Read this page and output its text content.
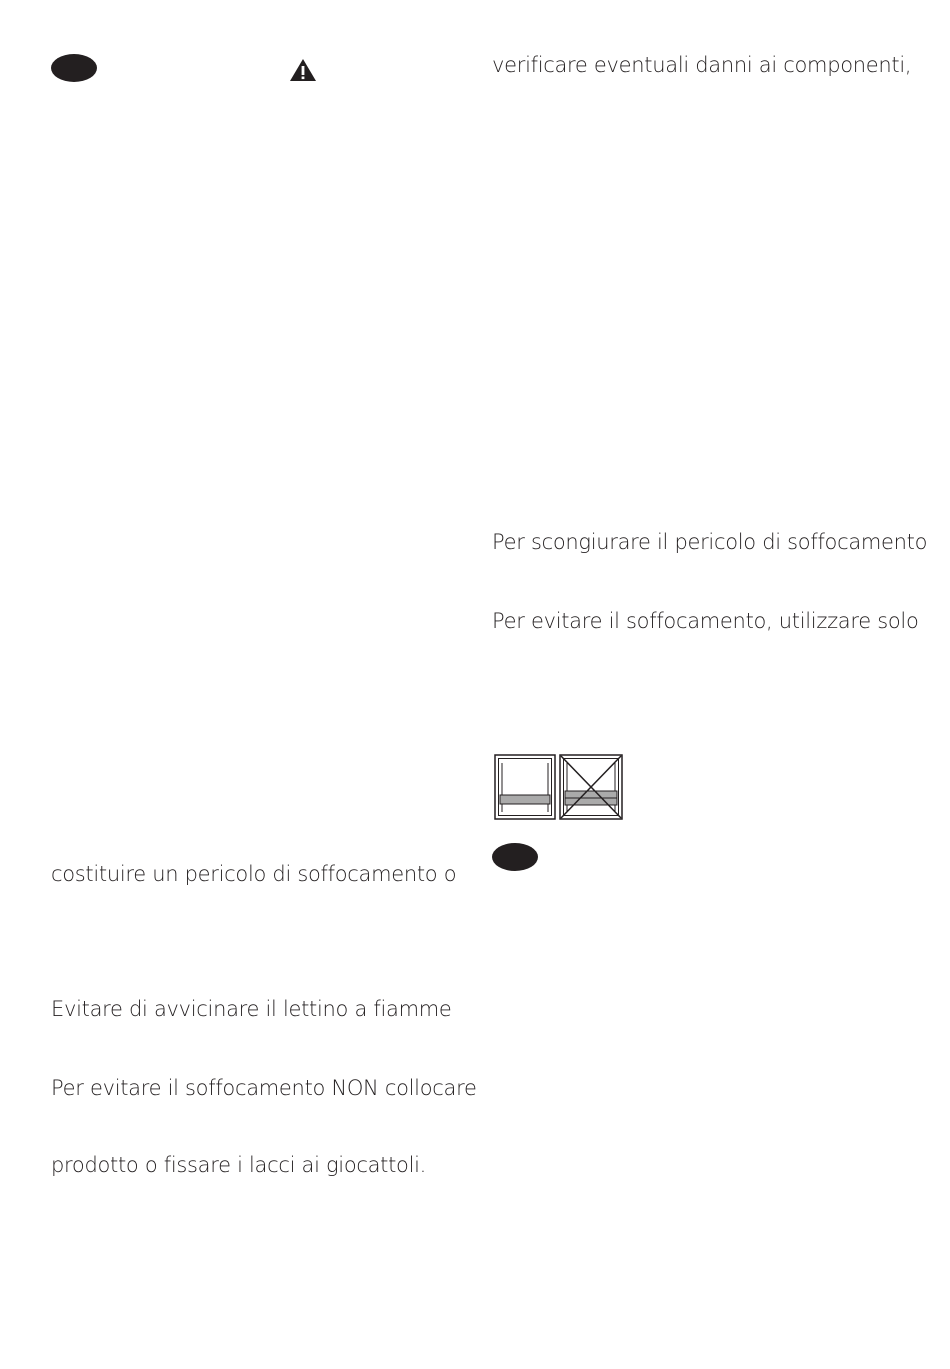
costituire un pericolo di soffocamento o
Evitare di avvicinare il lettino a fiamme
Per evitare il soffocamento NON collocare
prodotto o fissare i lacci ai giocattoli.
verificare eventuali danni ai componenti,
Per scongiurare il pericolo di soffocamento
Per evitare il soffocamento, utilizzare solo
